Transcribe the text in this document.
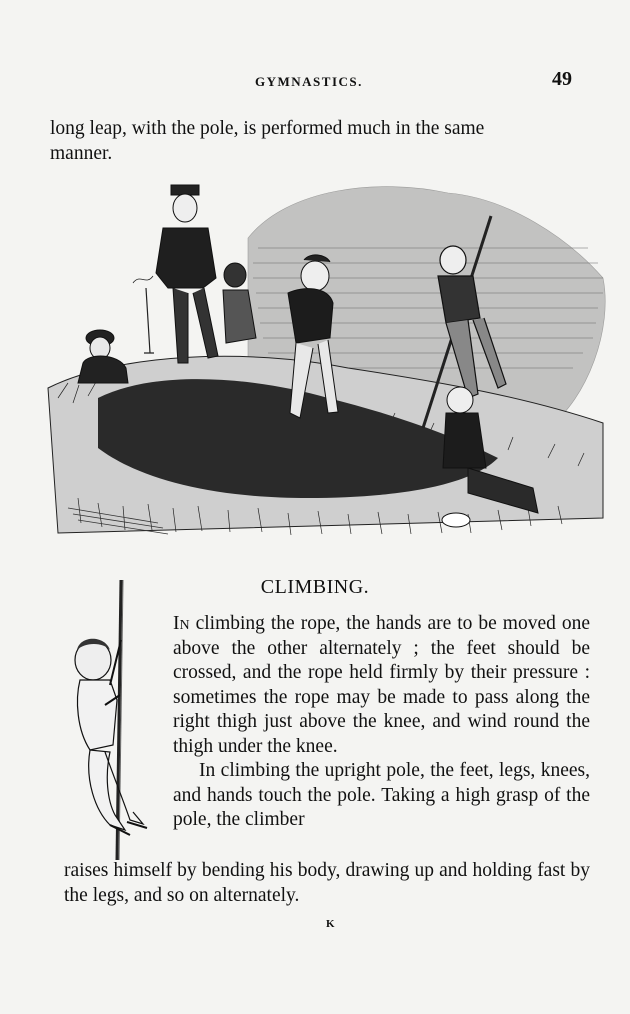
GYMNASTICS.	49

long leap, with the pole, is performed much in the same

manner.

CLIMBING.

In climbing the rope, the hands are to be moved one above the other alternately ; the feet should be crossed, and the rope held firmly by their pressure : sometimes the rope may be made to pass along the right thigh just above the knee, and wind round the thigh under the knee.

In climbing the upright pole, the feet, legs, knees, and hands touch the pole. Taking a high grasp of the pole, the climber

raises himself by bending his body, drawing up and holding fast by the legs, and so on alternately.

K
